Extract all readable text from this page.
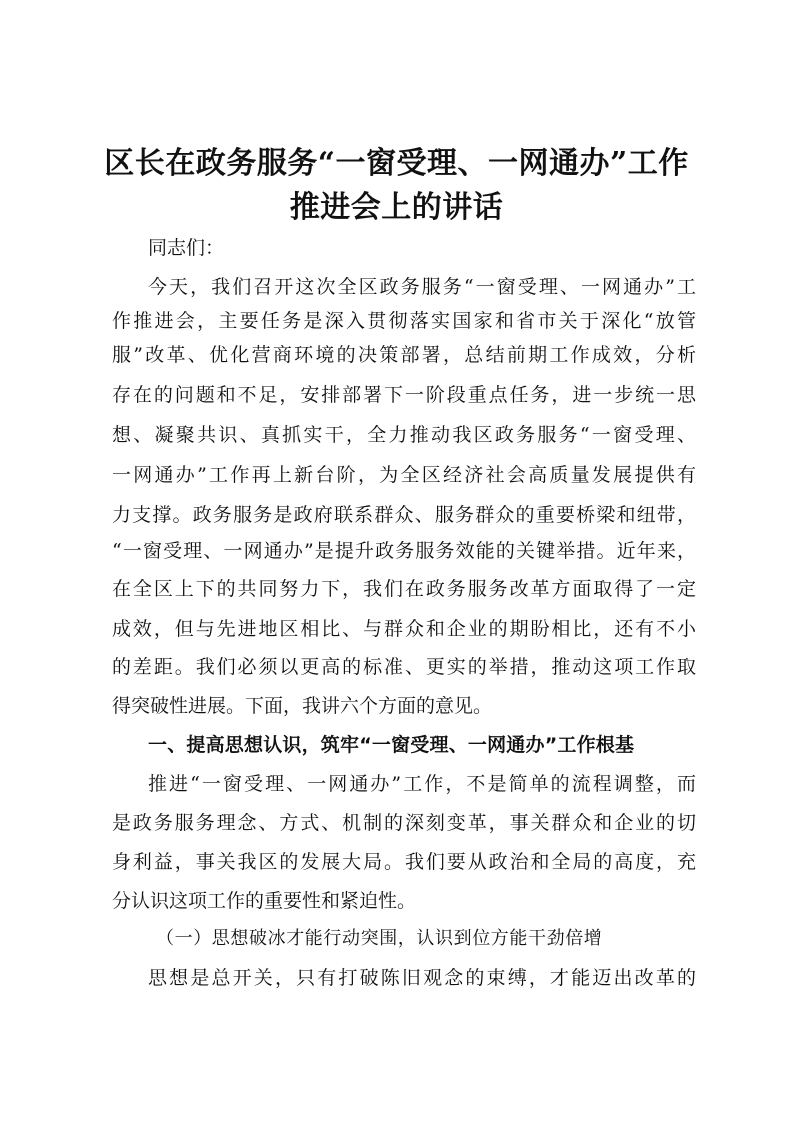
区长在政务服务“一窗受理、一网通办”工作
推进会上的讲话
同志们：
今天，我们召开这次全区政务服务“一窗受理、一网通办”工
作推进会，主要任务是深入贯彻落实国家和省市关于深化“放管
服”改革、优化营商环境的决策部署，总结前期工作成效，分析
存在的问题和不足，安排部署下一阶段重点任务，进一步统一思
想、凝聚共识、真抓实干，全力推动我区政务服务“一窗受理、
一网通办”工作再上新台阶，为全区经济社会高质量发展提供有
力支撑。政务服务是政府联系群众、服务群众的重要桥梁和纽带，
“一窗受理、一网通办”是提升政务服务效能的关键举措。近年来，
在全区上下的共同努力下，我们在政务服务改革方面取得了一定
成效，但与先进地区相比、与群众和企业的期盼相比，还有不小
的差距。我们必须以更高的标准、更实的举措，推动这项工作取
得突破性进展。下面，我讲六个方面的意见。
一、提高思想认识，筑牢“一窗受理、一网通办”工作根基
推进“一窗受理、一网通办”工作，不是简单的流程调整，而
是政务服务理念、方式、机制的深刻变革，事关群众和企业的切
身利益，事关我区的发展大局。我们要从政治和全局的高度，充
分认识这项工作的重要性和紧迫性。
（一）思想破冰才能行动突围，认识到位方能干劲倍增
思想是总开关，只有打破陈旧观念的束缚，才能迈出改革的
